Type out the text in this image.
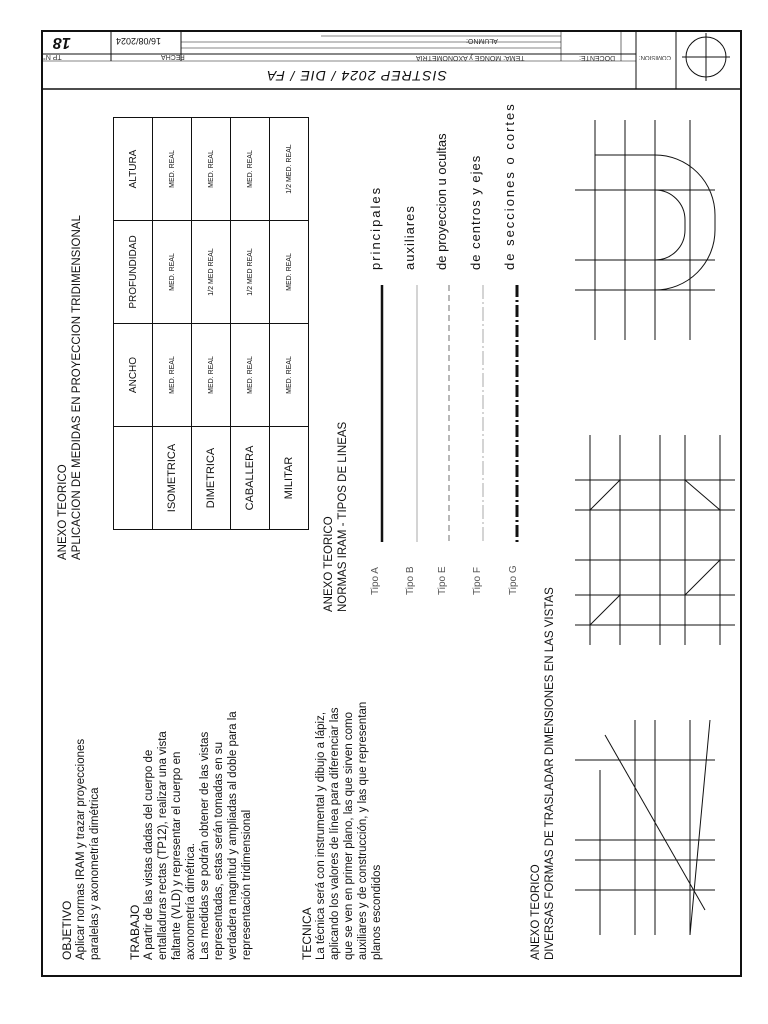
18
TP N°
16/08/2024
FECHA
SISTREP 2024 / DIE / FA
ALUMNO:
TEMA: MONGE y AXONOMETRIA	DOCENTE:	COMISION:
OBJETIVO Aplicar normas IRAM y trazar proyecciones paralelas y axonometría dimétrica TRABAJO A partir de las vistas dadas del cuerpo de entalladuras rectas (TP12), realizar una vista faltante (VLD) y representar el cuerpo en axonometría dimétrica. Las medidas se podrán obtener de las vistas representadas, estas serán tomadas en su verdadera magnitud y ampliadas al doble para la representación tridimensional	TECNICA La técnica será con instrumental y dibujo a lápiz, aplicando los valores de línea para diferenciar las que se ven en primer plano, las que sirven como auxiliares y de construcción, y las que representan planos escondidos
ANEXO TEORICO APLICACION DE MEDIDAS EN PROYECCION TRIDIMENSIONAL
		ANCHO	PROFUNDIDAD	ALTURA
ISOMETRICA	MED. REAL	MED. REAL	MED. REAL
DIMETRICA	MED. REAL	1/2 MED REAL	MED. REAL
CABALLERA	MED. REAL	1/2 MED REAL	MED. REAL
MILITAR	MED. REAL	MED. REAL	1/2 MED. REAL
ANEXO TEORICO NORMAS IRAM - TIPOS DE LINEAS Tipo A Tipo B Tipo E Tipo F	Tipo G
principales auxiliares de proyeccion u ocultas de centros y ejes de secciones o cortes
ANEXO TEORICO DIVERSAS FORMAS DE TRASLADAR DIMENSIONES EN LAS VISTAS
